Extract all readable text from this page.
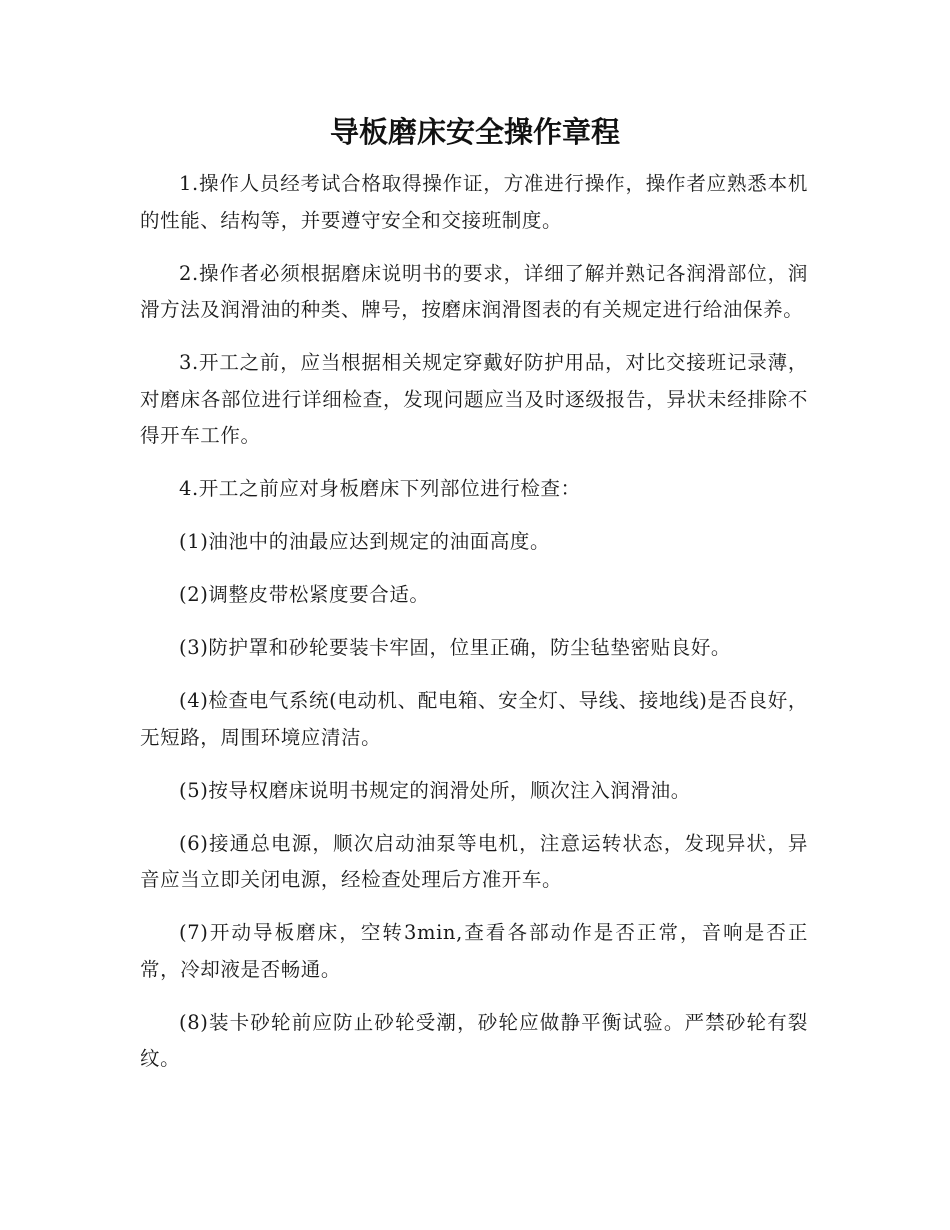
导板磨床安全操作章程

1.操作人员经考试合格取得操作证，方准进行操作，操作者应熟悉本机的性能、结构等，并要遵守安全和交接班制度。

2.操作者必须根据磨床说明书的要求，详细了解并熟记各润滑部位，润滑方法及润滑油的种类、牌号，按磨床润滑图表的有关规定进行给油保养。

3.开工之前，应当根据相关规定穿戴好防护用品，对比交接班记录薄，对磨床各部位进行详细检查，发现问题应当及时逐级报告，异状未经排除不得开车工作。

4.开工之前应对身板磨床下列部位进行检查：

(1)油池中的油最应达到规定的油面高度。

(2)调整皮带松紧度要合适。

(3)防护罩和砂轮要装卡牢固，位里正确，防尘毡垫密贴良好。

(4)检查电气系统(电动机、配电箱、安全灯、导线、接地线)是否良好，无短路，周围环境应清洁。

(5)按导权磨床说明书规定的润滑处所，顺次注入润滑油。

(6)接通总电源，顺次启动油泵等电机，注意运转状态，发现异状，异音应当立即关闭电源，经检查处理后方准开车。

(7)开动导板磨床，空转3min,查看各部动作是否正常，音响是否正常，冷却液是否畅通。

(8)装卡砂轮前应防止砂轮受潮，砂轮应做静平衡试验。严禁砂轮有裂纹。
